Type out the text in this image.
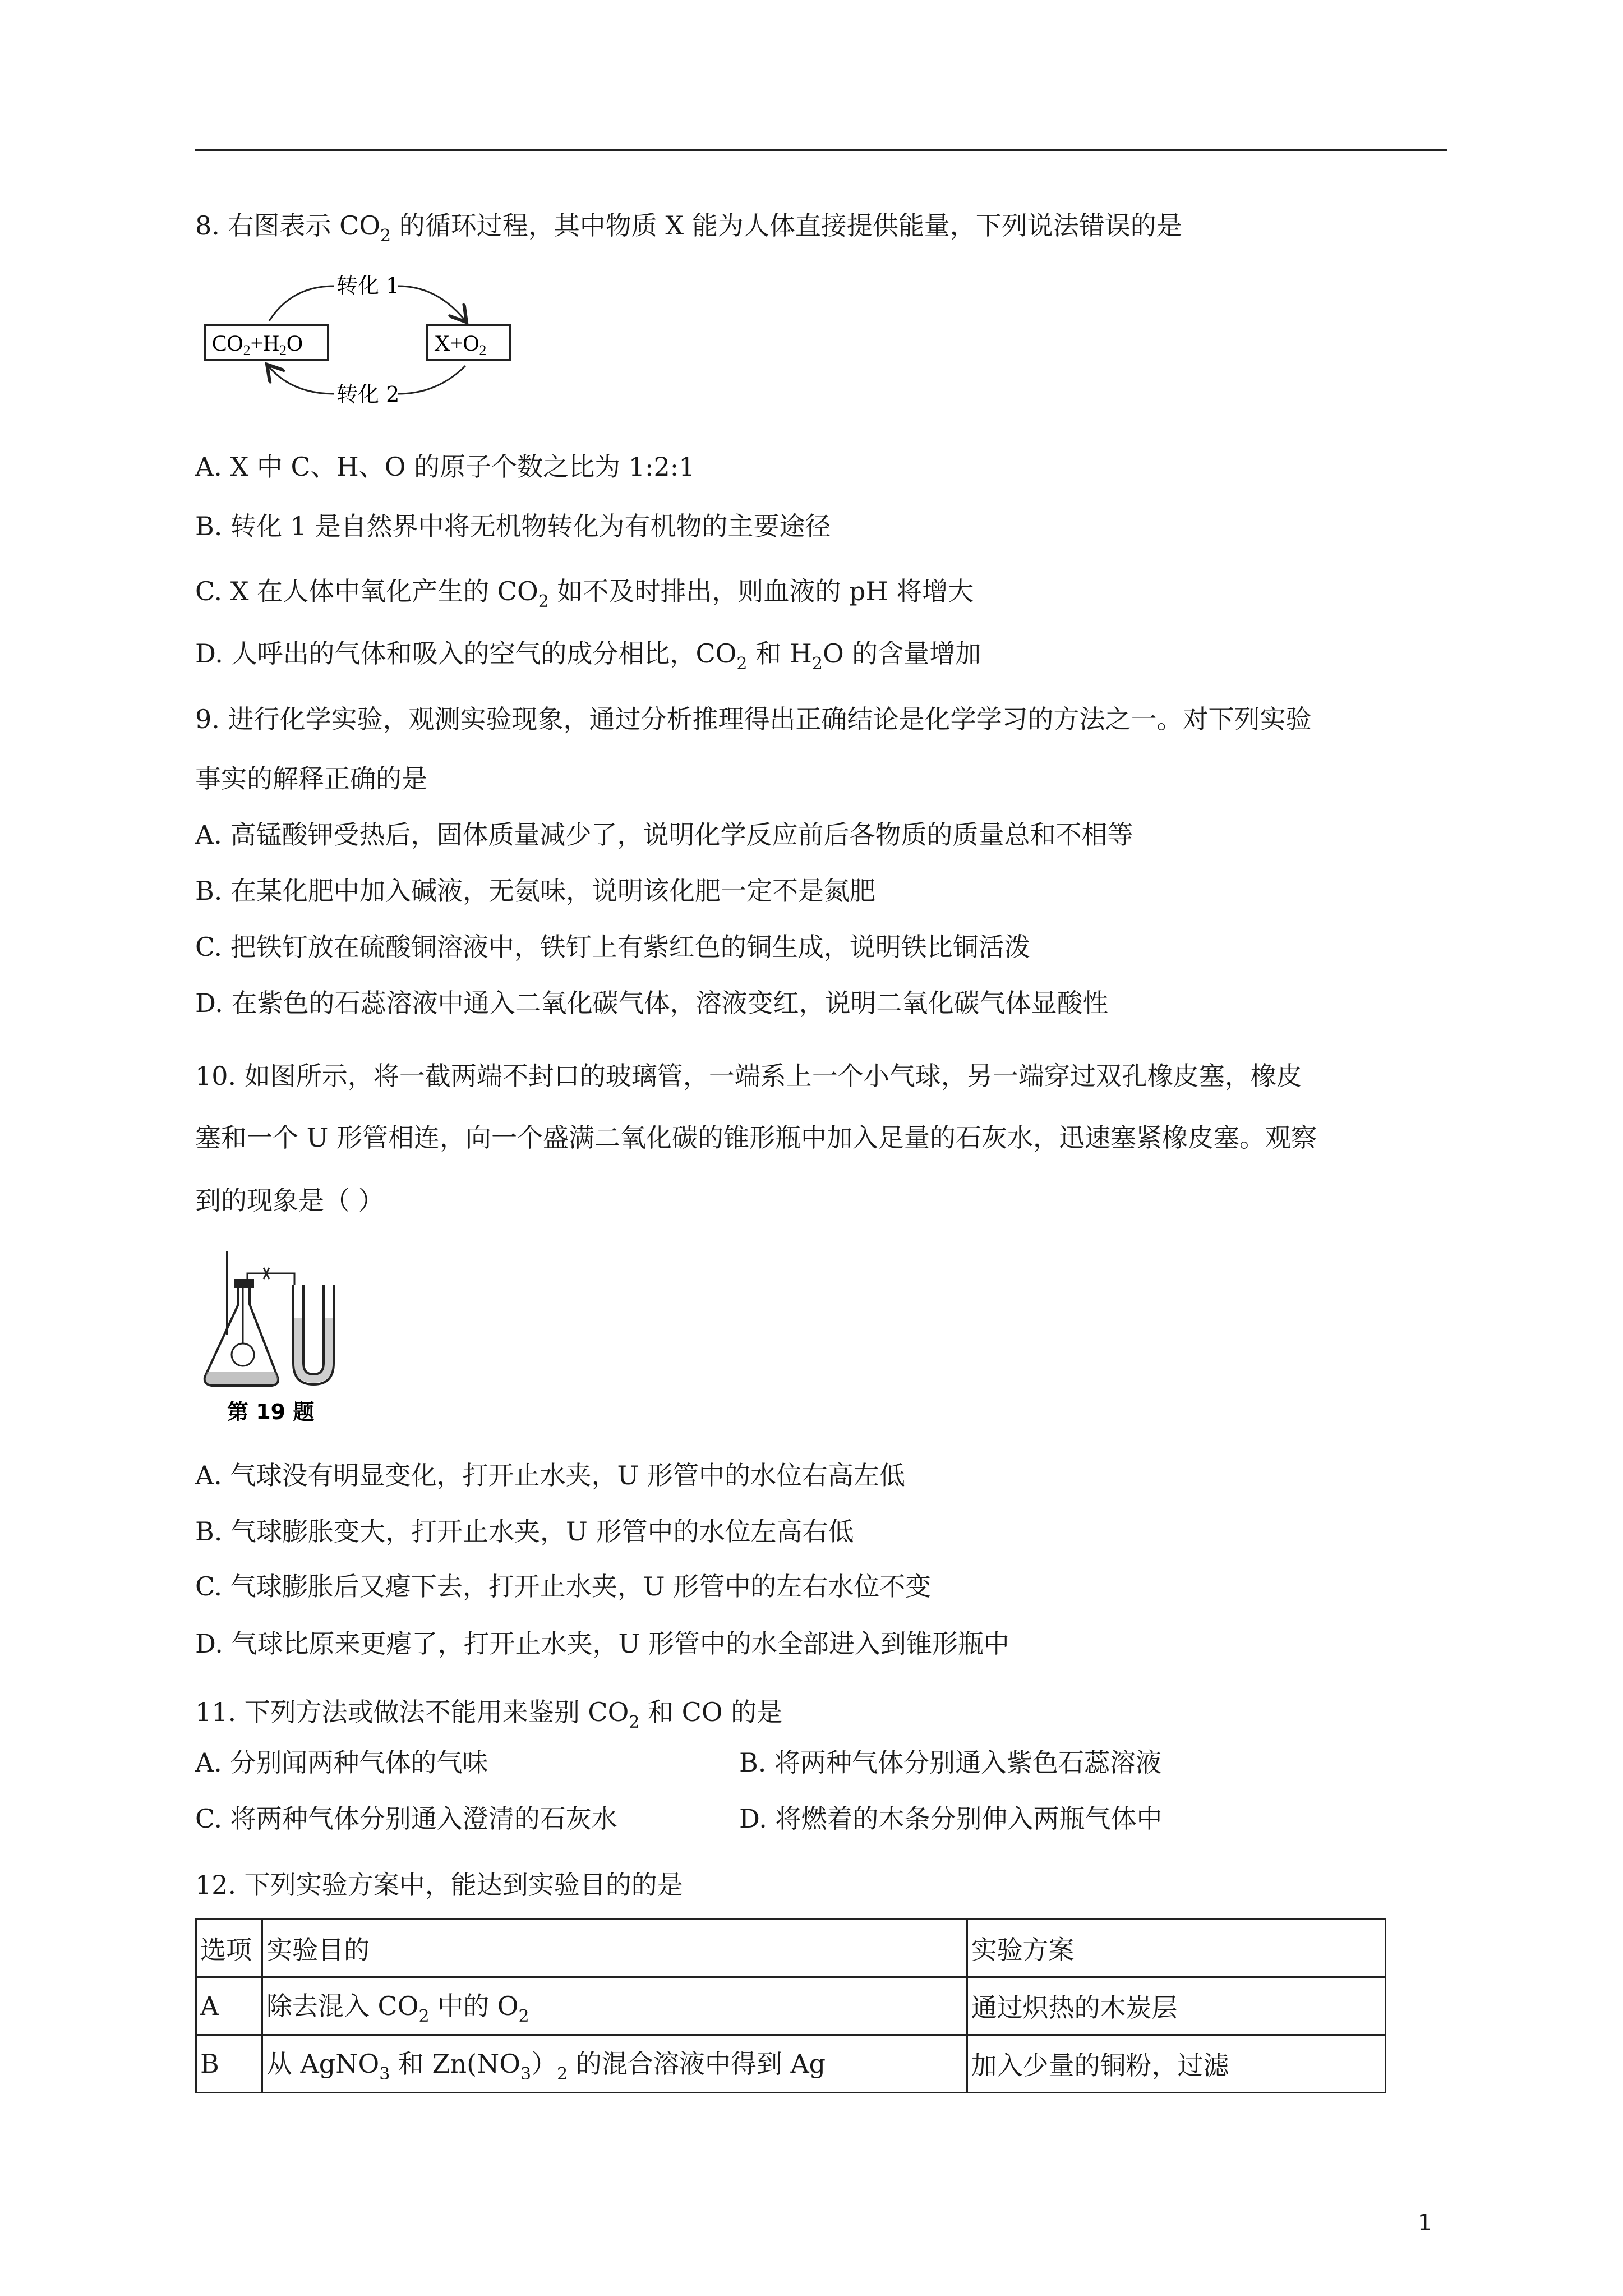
8. 右图表示 $CO_2$ 的循环过程，其中物质 X 能为人体直接提供能量，下列说法错误的是
$CO_2+H_2O$	$X+O_2$
转化 1
转化 2
A. X 中 C、H、O 的原子个数之比为 1:2:1
B. 转化 1 是自然界中将无机物转化为有机物的主要途径
C. X 在人体中氧化产生的 $CO_2$ 如不及时排出，则血液的 pH 将增大
D. 人呼出的气体和吸入的空气的成分相比，$CO_2$ 和 $H_2O$ 的含量增加
9. 进行化学实验，观测实验现象，通过分析推理得出正确结论是化学学习的方法之一。对下列实验
事实的解释正确的是
A. 高锰酸钾受热后，固体质量减少了，说明化学反应前后各物质的质量总和不相等
B. 在某化肥中加入碱液，无氨味，说明该化肥一定不是氮肥
C. 把铁钉放在硫酸铜溶液中，铁钉上有紫红色的铜生成，说明铁比铜活泼
D. 在紫色的石蕊溶液中通入二氧化碳气体，溶液变红，说明二氧化碳气体显酸性
10. 如图所示，将一截两端不封口的玻璃管，一端系上一个小气球，另一端穿过双孔橡皮塞，橡皮
塞和一个 U 形管相连，向一个盛满二氧化碳的锥形瓶中加入足量的石灰水，迅速塞紧橡皮塞。观察
到的现象是（ ）
第 19 题
A. 气球没有明显变化，打开止水夹，U 形管中的水位右高左低
B. 气球膨胀变大，打开止水夹，U 形管中的水位左高右低
C. 气球膨胀后又瘪下去，打开止水夹，U 形管中的左右水位不变
D. 气球比原来更瘪了，打开止水夹，U 形管中的水全部进入到锥形瓶中
11. 下列方法或做法不能用来鉴别 $CO_2$ 和 CO 的是
A. 分别闻两种气体的气味	B. 将两种气体分别通入紫色石蕊溶液
C. 将两种气体分别通入澄清的石灰水	D. 将燃着的木条分别伸入两瓶气体中
12. 下列实验方案中，能达到实验目的的是
选项	实验目的	实验方案
A	除去混入 $CO_2$ 中的 $O_2$	通过炽热的木炭层
B	从 AgNO$_3$ 和 $Zn(NO_3)_2$ 的混合溶液中得到 Ag	加入少量的铜粉，过滤
1
